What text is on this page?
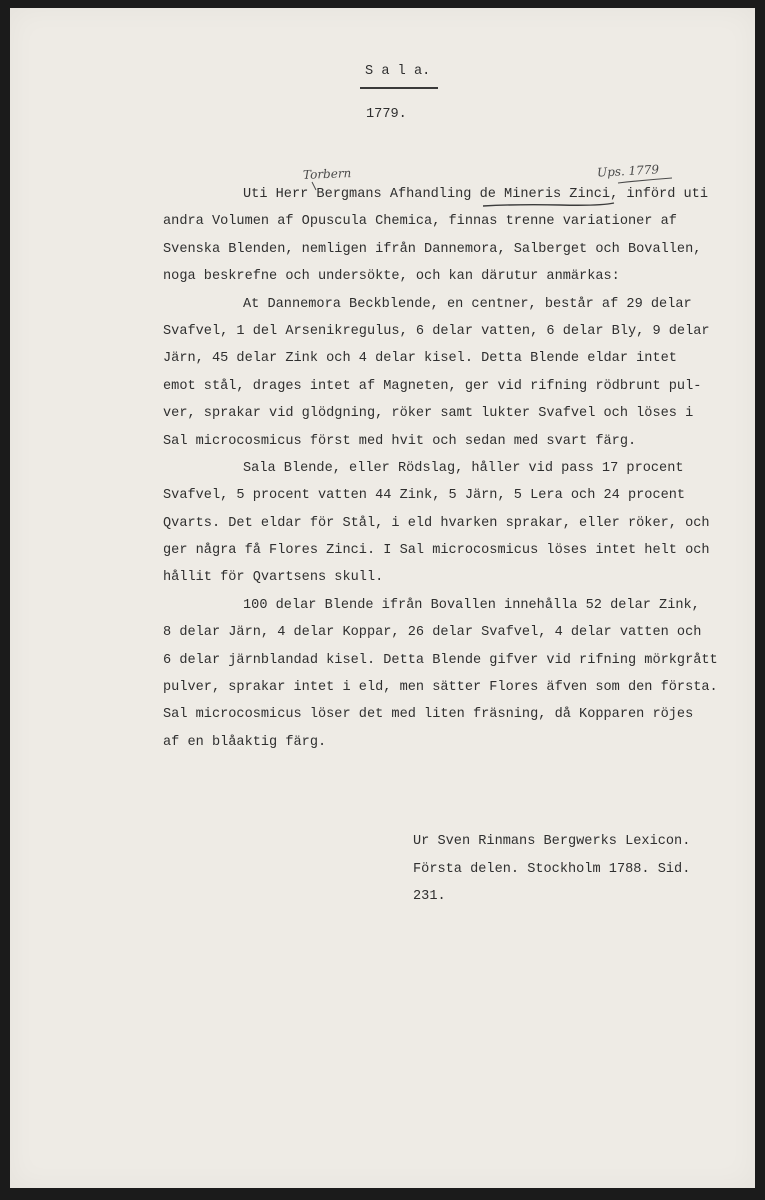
S a l a.
1779.
Torbern	Ups. 1779
Uti Herr Bergmans Afhandling de Mineris Zinci, införd uti
andra Volumen af Opuscula Chemica, finnas trenne variationer af
Svenska Blenden, nemligen ifrån Dannemora, Salberget och Bovallen,
noga beskrefne och undersökte, och kan därutur anmärkas:
At Dannemora Beckblende, en centner, består af 29 delar
Svafvel, 1 del Arsenikregulus, 6 delar vatten, 6 delar Bly, 9 delar
Järn, 45 delar Zink och 4 delar kisel. Detta Blende eldar intet
emot stål, drages intet af Magneten, ger vid rifning rödbrunt pul-
ver, sprakar vid glödgning, röker samt lukter Svafvel och löses i
Sal microcosmicus först med hvit och sedan med svart färg.
Sala Blende, eller Rödslag, håller vid pass 17 procent
Svafvel, 5 procent vatten 44 Zink, 5 Järn, 5 Lera och 24 procent
Qvarts. Det eldar för Stål, i eld hvarken sprakar, eller röker, och
ger några få Flores Zinci. I Sal microcosmicus löses intet helt och
hållit för Qvartsens skull.
100 delar Blende ifrån Bovallen innehålla 52 delar Zink,
8 delar Järn, 4 delar Koppar, 26 delar Svafvel, 4 delar vatten och
6 delar järnblandad kisel. Detta Blende gifver vid rifning mörkgrått
pulver, sprakar intet i eld, men sätter Flores äfven som den första.
Sal microcosmicus löser det med liten fräsning, då Kopparen röjes
af en blåaktig färg.
Ur Sven Rinmans Bergwerks Lexicon.
Första delen. Stockholm 1788. Sid.
231.
